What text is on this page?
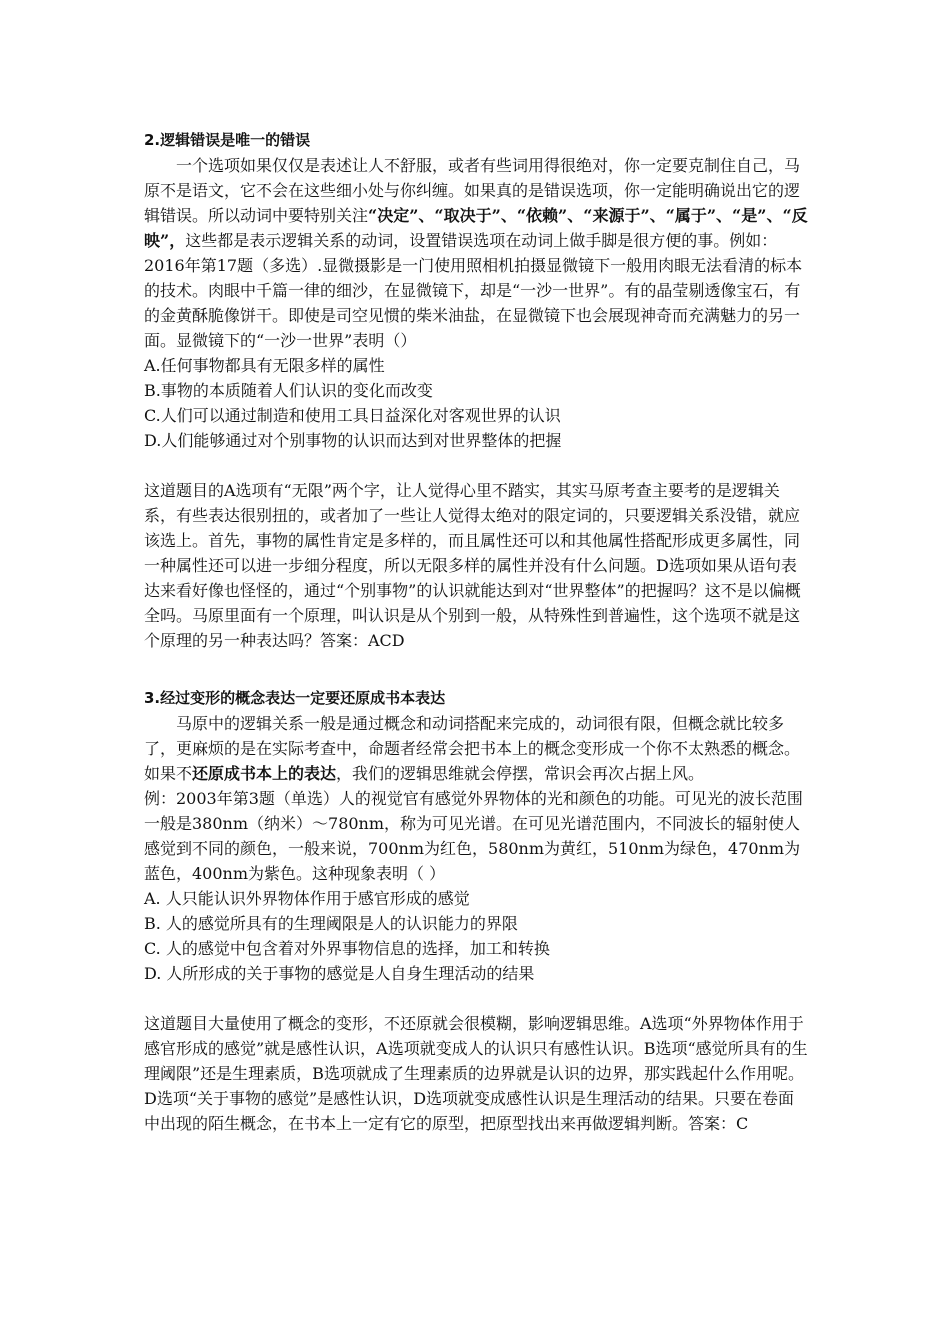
2.逻辑错误是唯一的错误

一个选项如果仅仅是表述让人不舒服，或者有些词用得很绝对，你一定要克制住自己，马原不是语文，它不会在这些细小处与你纠缠。如果真的是错误选项，你一定能明确说出它的逻辑错误。所以动词中要特别关注“决定”、“取决于”、“依赖”、“来源于”、“属于”、“是”、“反映”，这些都是表示逻辑关系的动词，设置错误选项在动词上做手脚是很方便的事。例如：

2016年第17题（多选）.显微摄影是一门使用照相机拍摄显微镜下一般用肉眼无法看清的标本的技术。肉眼中千篇一律的细沙，在显微镜下，却是“一沙一世界”。有的晶莹剔透像宝石，有的金黄酥脆像饼干。即使是司空见惯的柴米油盐，在显微镜下也会展现神奇而充满魅力的另一面。显微镜下的“一沙一世界”表明（）

A.任何事物都具有无限多样的属性

B.事物的本质随着人们认识的变化而改变

C.人们可以通过制造和使用工具日益深化对客观世界的认识

D.人们能够通过对个别事物的认识而达到对世界整体的把握

这道题目的A选项有“无限”两个字，让人觉得心里不踏实，其实马原考查主要考的是逻辑关系，有些表达很别扭的，或者加了一些让人觉得太绝对的限定词的，只要逻辑关系没错，就应该选上。首先，事物的属性肯定是多样的，而且属性还可以和其他属性搭配形成更多属性，同一种属性还可以进一步细分程度，所以无限多样的属性并没有什么问题。D选项如果从语句表达来看好像也怪怪的，通过“个别事物”的认识就能达到对“世界整体”的把握吗？这不是以偏概全吗。马原里面有一个原理，叫认识是从个别到一般，从特殊性到普遍性，这个选项不就是这个原理的另一种表达吗？答案：ACD

3.经过变形的概念表达一定要还原成书本表达

马原中的逻辑关系一般是通过概念和动词搭配来完成的，动词很有限，但概念就比较多了，更麻烦的是在实际考查中，命题者经常会把书本上的概念变形成一个你不太熟悉的概念。如果不还原成书本上的表达，我们的逻辑思维就会停摆，常识会再次占据上风。

例：2003年第3题（单选）人的视觉官有感觉外界物体的光和颜色的功能。可见光的波长范围一般是380nm（纳米）～780nm，称为可见光谱。在可见光谱范围内，不同波长的辐射使人感觉到不同的颜色，一般来说，700nm为红色，580nm为黄红，510nm为绿色，470nm为蓝色，400nm为紫色。这种现象表明（ ）

A. 人只能认识外界物体作用于感官形成的感觉

B. 人的感觉所具有的生理阈限是人的认识能力的界限

C. 人的感觉中包含着对外界事物信息的选择，加工和转换

D. 人所形成的关于事物的感觉是人自身生理活动的结果

这道题目大量使用了概念的变形，不还原就会很模糊，影响逻辑思维。A选项“外界物体作用于感官形成的感觉”就是感性认识，A选项就变成人的认识只有感性认识。B选项“感觉所具有的生理阈限”还是生理素质，B选项就成了生理素质的边界就是认识的边界，那实践起什么作用呢。D选项“关于事物的感觉”是感性认识，D选项就变成感性认识是生理活动的结果。只要在卷面中出现的陌生概念，在书本上一定有它的原型，把原型找出来再做逻辑判断。答案：C
